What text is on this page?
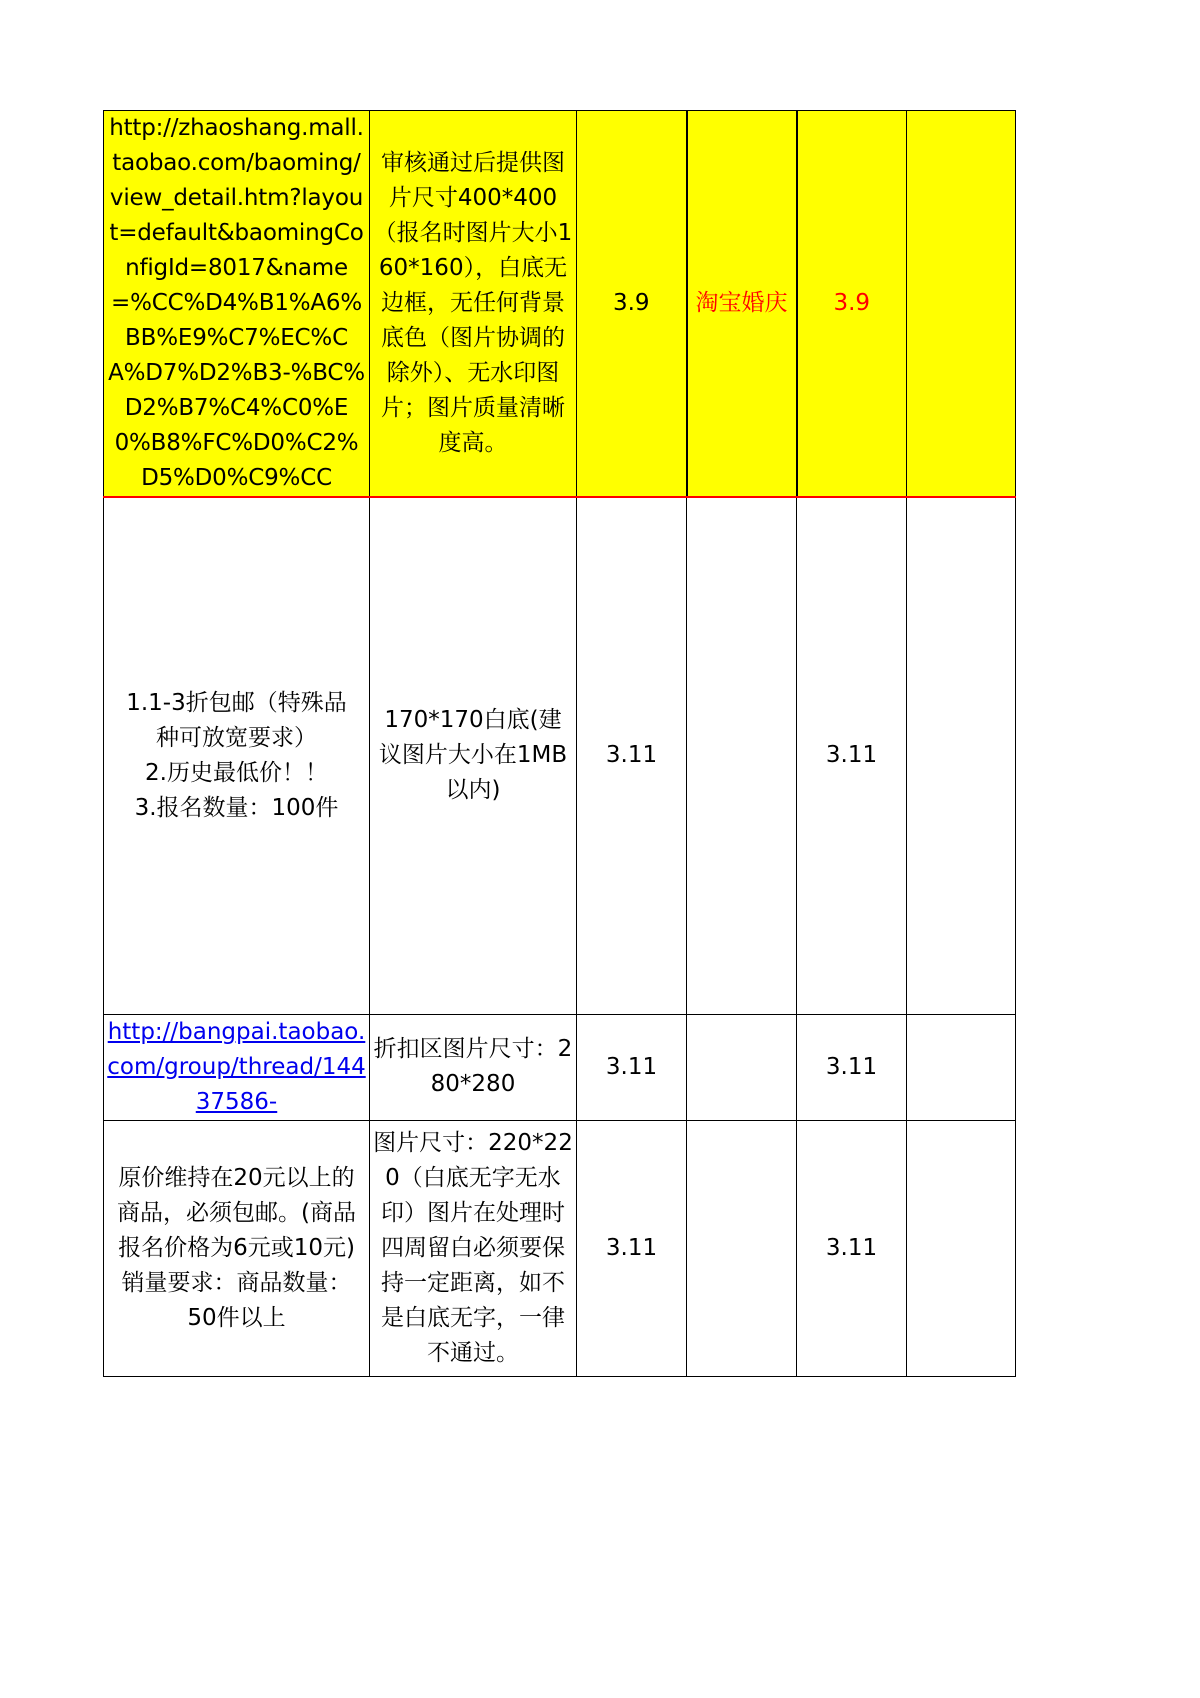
http://zhaoshang.mall.taobao.com/baoming/view_detail.htm?layout=default&baomingConfigId=8017&name=%CC%D4%B1%A6%BB%E9%C7%EC%CA%D7%D2%B3-%BC%D2%B7%C4%C0%E0%B8%FC%D0%C2%D5%D0%C9%CC	审核通过后提供图片尺寸400*400（报名时图片大小160*160），白底无边框，无任何背景底色（图片协调的除外）、无水印图片；图片质量清晰度高。	3.9	淘宝婚庆	3.9	

1.1-3折包邮（特殊品种可放宽要求）
2.历史最低价！！
3.报名数量：100件	170*170白底(建议图片大小在1MB以内)	3.11		3.11	
http://bangpai.taobao.com/group/thread/14437586-	折扣区图片尺寸：280*280	3.11		3.11	

原价维持在20元以上的商品，必须包邮。(商品报名价格为6元或10元)
销量要求：商品数量：50件以上	图片尺寸：220*220（白底无字无水印）图片在处理时四周留白必须要保持一定距离，如不是白底无字，一律不通过。	3.11		3.11	
